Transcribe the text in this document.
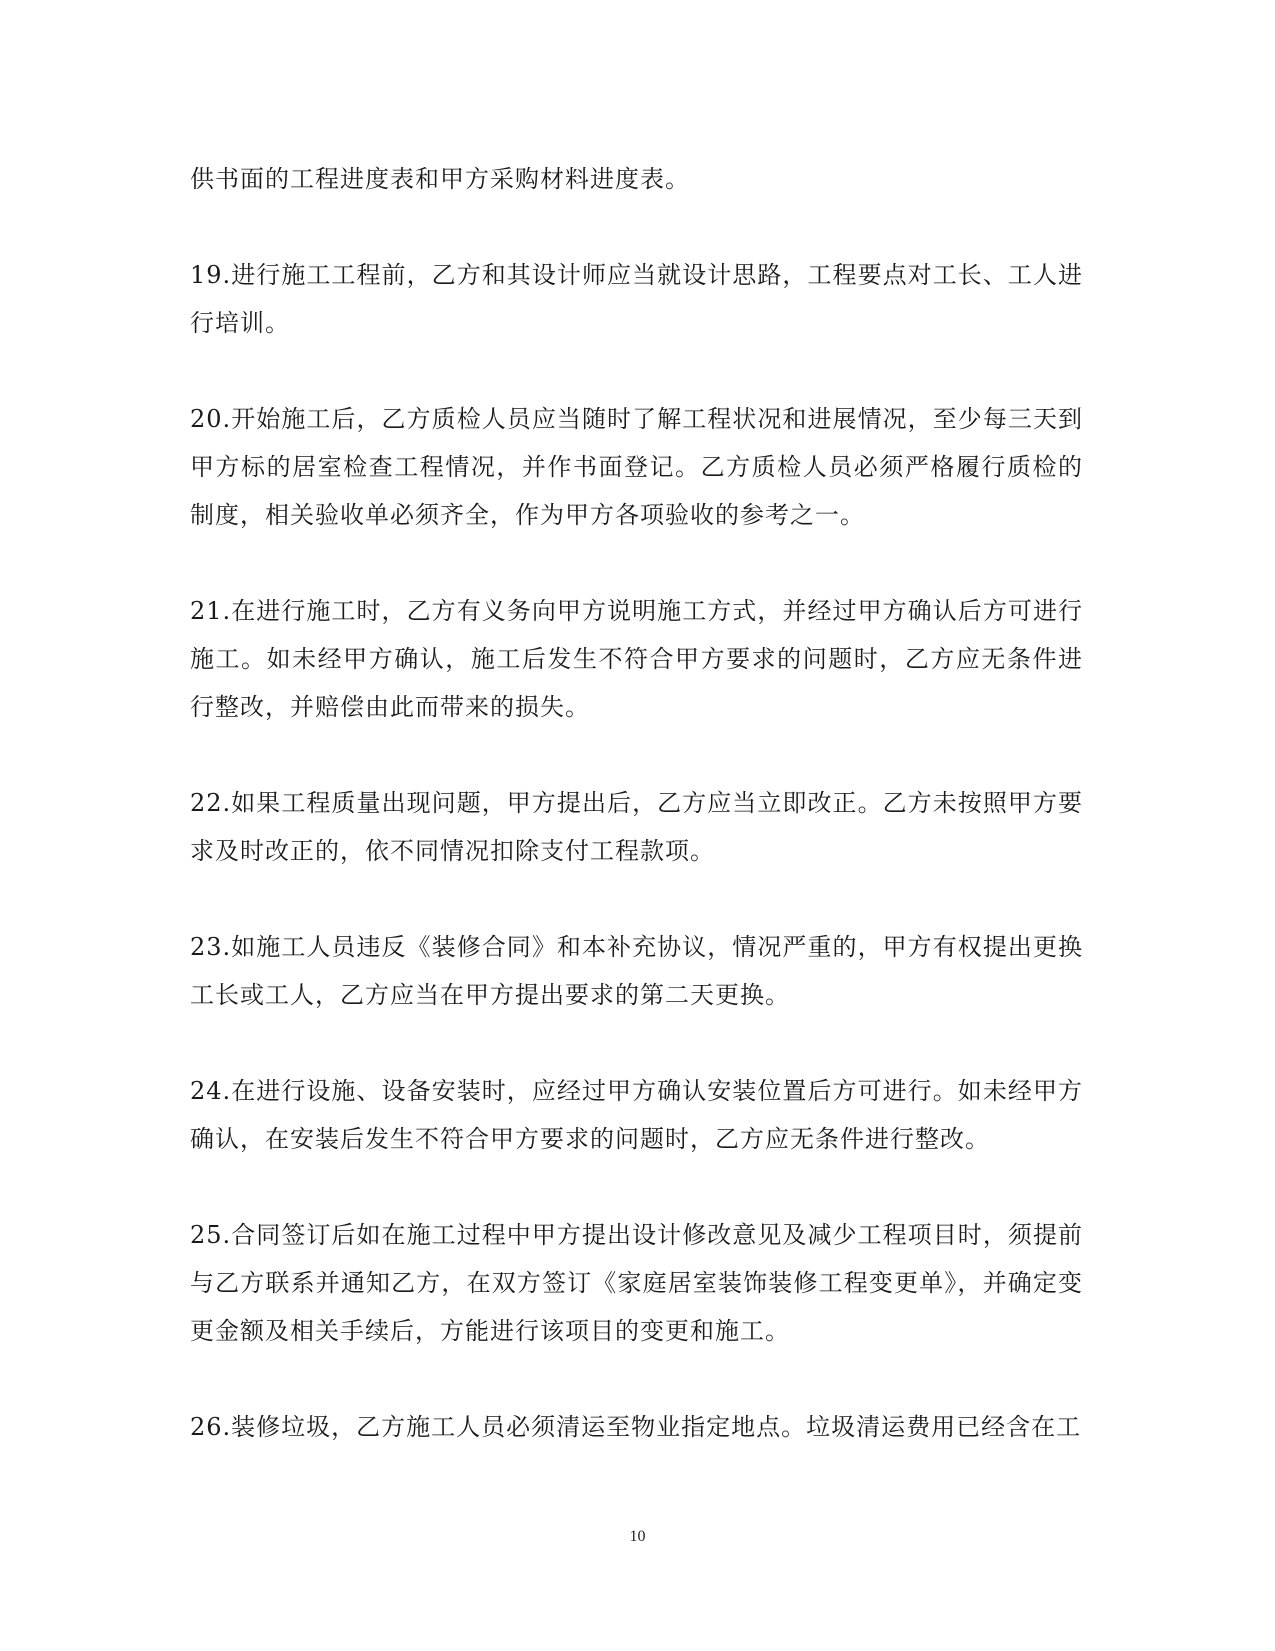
供书面的工程进度表和甲方采购材料进度表。

19.进行施工工程前，乙方和其设计师应当就设计思路，工程要点对工长、工人进行培训。

20.开始施工后，乙方质检人员应当随时了解工程状况和进展情况，至少每三天到甲方标的居室检查工程情况，并作书面登记。乙方质检人员必须严格履行质检的制度，相关验收单必须齐全，作为甲方各项验收的参考之一。

21.在进行施工时，乙方有义务向甲方说明施工方式，并经过甲方确认后方可进行施工。如未经甲方确认，施工后发生不符合甲方要求的问题时，乙方应无条件进行整改，并赔偿由此而带来的损失。

22.如果工程质量出现问题，甲方提出后，乙方应当立即改正。乙方未按照甲方要求及时改正的，依不同情况扣除支付工程款项。

23.如施工人员违反《装修合同》和本补充协议，情况严重的，甲方有权提出更换工长或工人，乙方应当在甲方提出要求的第二天更换。

24.在进行设施、设备安装时，应经过甲方确认安装位置后方可进行。如未经甲方确认，在安装后发生不符合甲方要求的问题时，乙方应无条件进行整改。

25.合同签订后如在施工过程中甲方提出设计修改意见及减少工程项目时，须提前与乙方联系并通知乙方，在双方签订《家庭居室装饰装修工程变更单》，并确定变更金额及相关手续后，方能进行该项目的变更和施工。

26.装修垃圾，乙方施工人员必须清运至物业指定地点。垃圾清运费用已经含在工

10
